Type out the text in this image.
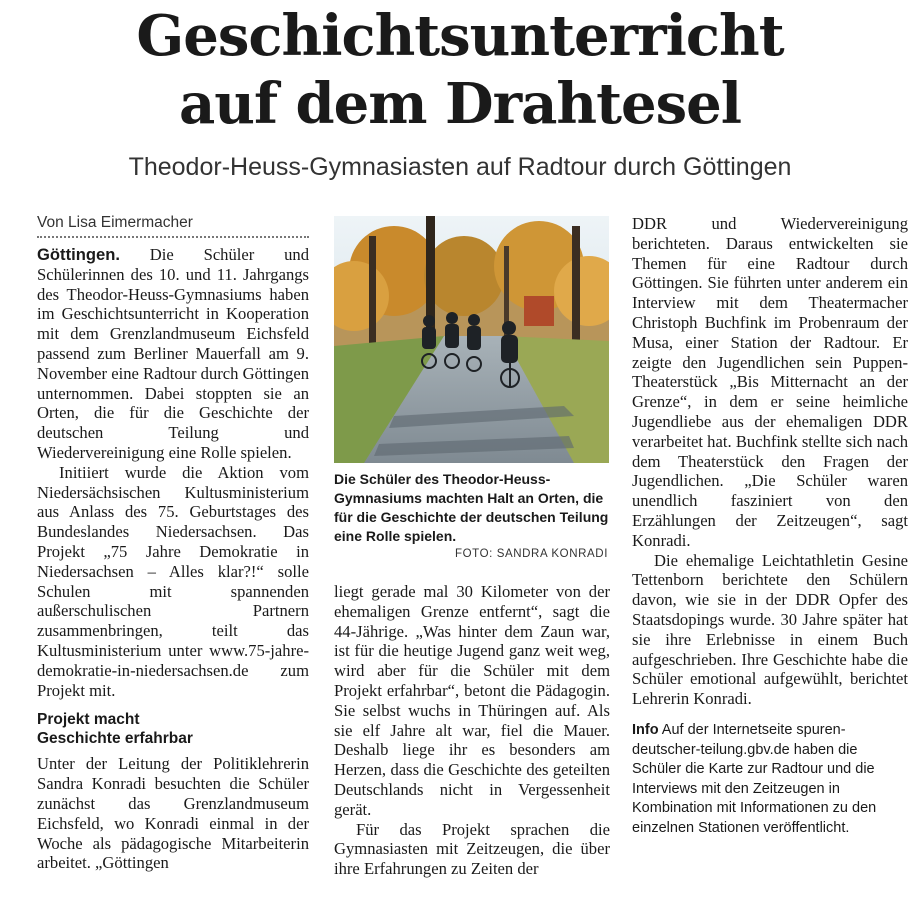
Geschichtsunterricht
auf dem Drahtesel
Theodor-Heuss-Gymnasiasten auf Radtour durch Göttingen
Von Lisa Eimermacher

Göttingen. Die Schüler und Schülerinnen des 10. und 11. Jahrgangs des Theodor-Heuss-Gymnasiums haben im Geschichtsunterricht in Kooperation mit dem Grenzlandmuseum Eichsfeld passend zum Berliner Mauerfall am 9. November eine Radtour durch Göttingen unternommen. Dabei stoppten sie an Orten, die für die Geschichte der deutschen Teilung und Wiedervereinigung eine Rolle spielen.

Initiiert wurde die Aktion vom Niedersächsischen Kultusministerium aus Anlass des 75. Geburtstages des Bundeslandes Niedersachsen. Das Projekt „75 Jahre Demokratie in Niedersachsen – Alles klar?!“ solle Schulen mit spannenden außerschulischen Partnern zusammenbringen, teilt das Kultusministerium unter www.75-jahre-demokratie-in-niedersachsen.de zum Projekt mit.

Projekt macht
Geschichte erfahrbar

Unter der Leitung der Politiklehrerin Sandra Konradi besuchten die Schüler zunächst das Grenzlandmuseum Eichsfeld, wo Konradi einmal in der Woche als pädagogische Mitarbeiterin arbeitet. „Göttingen

Die Schüler des Theodor-Heuss-Gymnasiums machten Halt an Orten, die für die Geschichte der deutschen Teilung eine Rolle spielen.
FOTO: SANDRA KONRADI

liegt gerade mal 30 Kilometer von der ehemaligen Grenze entfernt“, sagt die 44-Jährige. „Was hinter dem Zaun war, ist für die heutige Jugend ganz weit weg, wird aber für die Schüler mit dem Projekt erfahrbar“, betont die Pädagogin. Sie selbst wuchs in Thüringen auf. Als sie elf Jahre alt war, fiel die Mauer. Deshalb liege ihr es besonders am Herzen, dass die Geschichte des geteilten Deutschlands nicht in Vergessenheit gerät.

Für das Projekt sprachen die Gymnasiasten mit Zeitzeugen, die über ihre Erfahrungen zu Zeiten der

DDR und Wiedervereinigung berichteten. Daraus entwickelten sie Themen für eine Radtour durch Göttingen. Sie führten unter anderem ein Interview mit dem Theatermacher Christoph Buchfink im Probenraum der Musa, einer Station der Radtour. Er zeigte den Jugendlichen sein Puppen-Theaterstück „Bis Mitternacht an der Grenze“, in dem er seine heimliche Jugendliebe aus der ehemaligen DDR verarbeitet hat. Buchfink stellte sich nach dem Theaterstück den Fragen der Jugendlichen. „Die Schüler waren unendlich fasziniert von den Erzählungen der Zeitzeugen“, sagt Konradi.

Die ehemalige Leichtathletin Gesine Tettenborn berichtete den Schülern davon, wie sie in der DDR Opfer des Staatsdopings wurde. 30 Jahre später hat sie ihre Erlebnisse in einem Buch aufgeschrieben. Ihre Geschichte habe die Schüler emotional aufgewühlt, berichtet Lehrerin Konradi.

Info Auf der Internetseite spuren-deutscher-teilung.gbv.de haben die Schüler die Karte zur Radtour und die Interviews mit den Zeitzeugen in Kombination mit Informationen zu den einzelnen Stationen veröffentlicht.
